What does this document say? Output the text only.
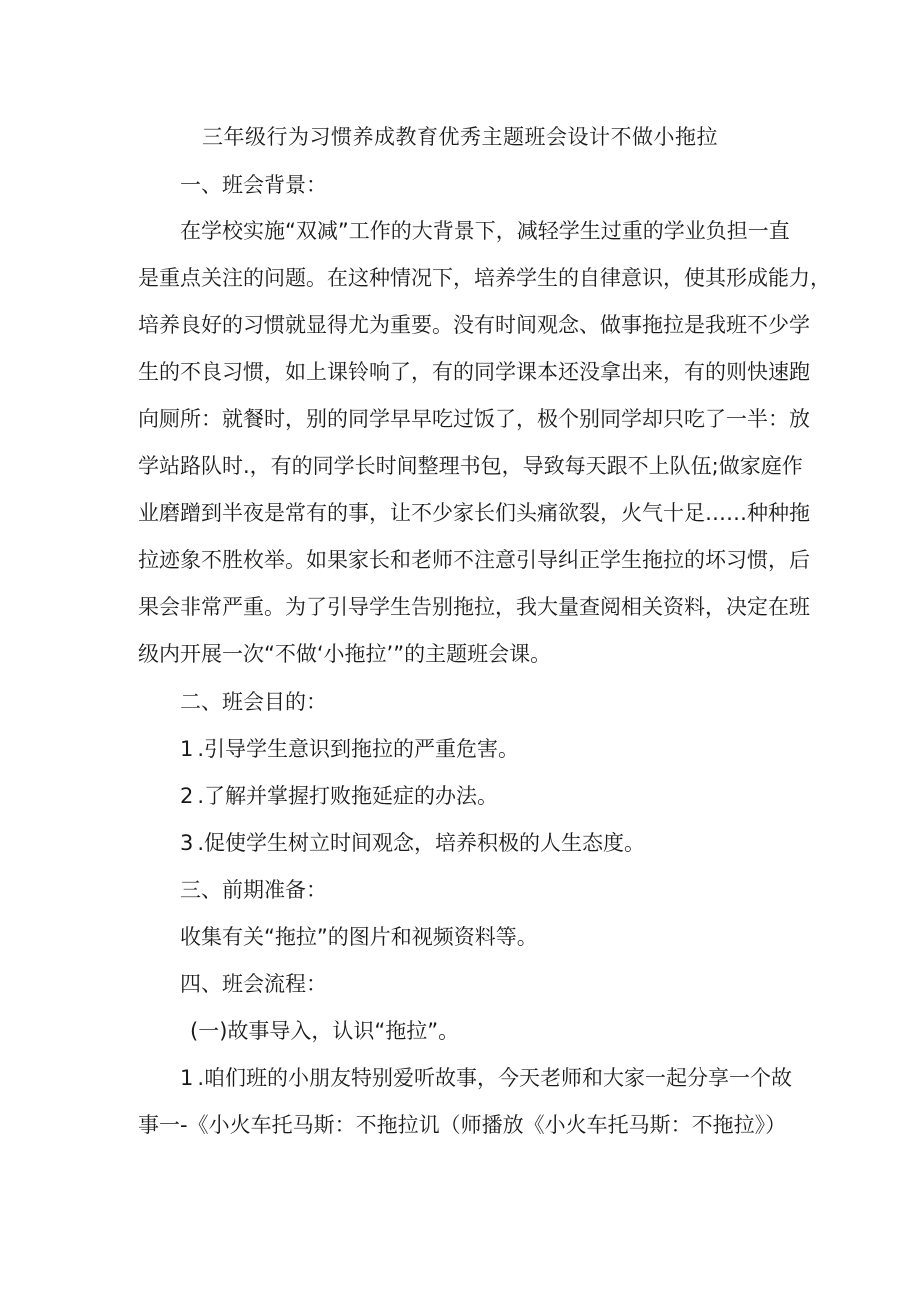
三年级行为习惯养成教育优秀主题班会设计不做小拖拉
一、班会背景：
在学校实施“双减”工作的大背景下，减轻学生过重的学业负担一直
是重点关注的问题。在这种情况下，培养学生的自律意识，使其形成能力，
培养良好的习惯就显得尤为重要。没有时间观念、做事拖拉是我班不少学
生的不良习惯，如上课铃响了，有的同学课本还没拿出来，有的则快速跑
向厕所：就餐时，别的同学早早吃过饭了，极个别同学却只吃了一半：放
学站路队时.，有的同学长时间整理书包，导致每天跟不上队伍;做家庭作
业磨蹭到半夜是常有的事，让不少家长们头痛欲裂，火气十足……种种拖
拉迹象不胜枚举。如果家长和老师不注意引导纠正学生拖拉的坏习惯，后
果会非常严重。为了引导学生告别拖拉，我大量查阅相关资料，决定在班
级内开展一次“不做‘小拖拉’”的主题班会课。
二、班会目的：
1.引导学生意识到拖拉的严重危害。
2.了解并掌握打败拖延症的办法。
3.促使学生树立时间观念，培养积极的人生态度。
三、前期准备：
收集有关“拖拉”的图片和视频资料等。
四、班会流程：
(一)故事导入，认识“拖拉”。
1.咱们班的小朋友特别爱听故事，今天老师和大家一起分享一个故
事一-《小火车托马斯：不拖拉讥（师播放《小火车托马斯：不拖拉》）
